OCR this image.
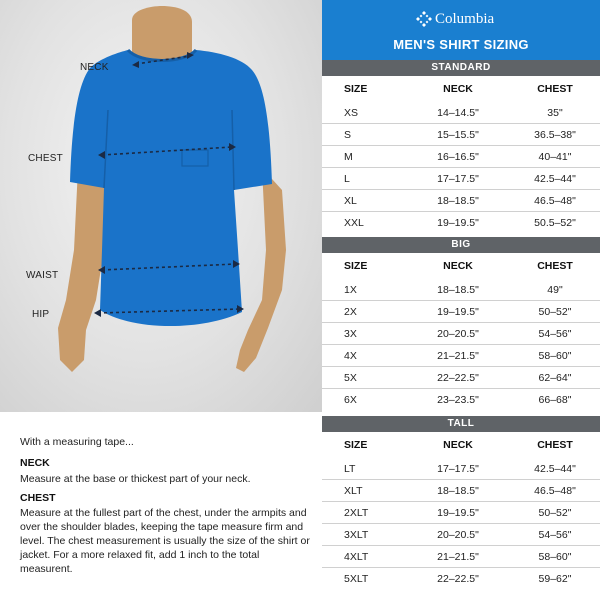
NECK
CHEST
WAIST
HIP
With a measuring tape...
NECK
Measure at the base or thickest part of your neck.
CHEST
Measure at the fullest part of the chest, under the armpits and over the shoulder blades, keeping the tape measure firm and level. The chest measurement is usually the size of the shirt or jacket. For a more relaxed fit, add 1 inch to the total measurent.
Columbia
MEN'S SHIRT SIZING
STANDARD
SIZE	NECK	CHEST
XS	14–14.5"	35"
S	15–15.5"	36.5–38"
M	16–16.5"	40–41"
L	17–17.5"	42.5–44"
XL	18–18.5"	46.5–48"
XXL	19–19.5"	50.5–52"
BIG
SIZE	NECK	CHEST
1X	18–18.5"	49"
2X	19–19.5"	50–52"
3X	20–20.5"	54–56"
4X	21–21.5"	58–60"
5X	22–22.5"	62–64"
6X	23–23.5"	66–68"
TALL
SIZE	NECK	CHEST
LT	17–17.5"	42.5–44"
XLT	18–18.5"	46.5–48"
2XLT	19–19.5"	50–52"
3XLT	20–20.5"	54–56"
4XLT	21–21.5"	58–60"
5XLT	22–22.5"	59–62"
